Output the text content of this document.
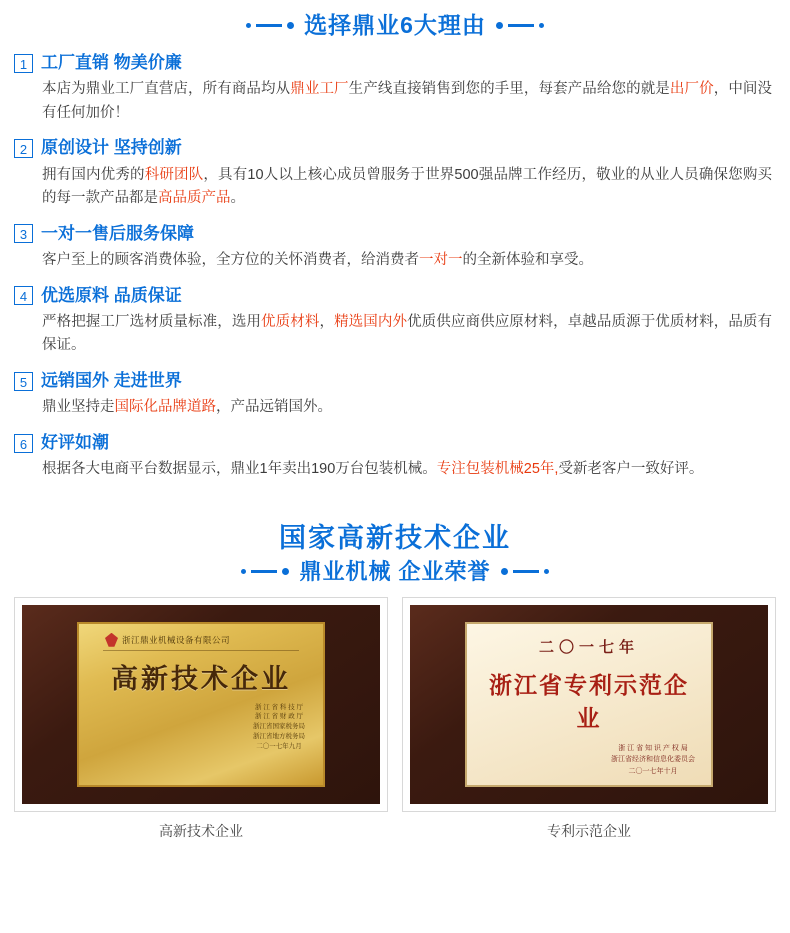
选择鼎业6大理由
1 工厂直销 物美价廉
本店为鼎业工厂直营店，所有商品均从鼎业工厂生产线直接销售到您的手里，每套产品给您的就是出厂价，中间没有任何加价！
2 原创设计 坚持创新
拥有国内优秀的科研团队，具有10人以上核心成员曾服务于世界500强品牌工作经历，敬业的从业人员确保您购买的每一款产品都是高品质产品。
3 一对一售后服务保障
客户至上的顾客消费体验，全方位的关怀消费者，给消费者一对一的全新体验和享受。
4 优选原料 品质保证
严格把握工厂选材质量标准，选用优质材料，精选国内外优质供应商供应原材料，卓越品质源于优质材料，品质有保证。
5 远销国外 走进世界
鼎业坚持走国际化品牌道路，产品远销国外。
6 好评如潮
根据各大电商平台数据显示，鼎业1年卖出190万台包装机械。专注包装机械25年,受新老客户一致好评。
国家高新技术企业
鼎业机械 企业荣誉
浙江鼎业机械设备有限公司
高新技术企业
浙 江 省 科 技 厅
浙 江 省 财 政 厅
浙江省国家税务局
浙江省地方税务局
二〇一七年九月
高新技术企业
二〇一七年
浙江省专利示范企业
浙 江 省 知 识 产 权 局
浙江省经济和信息化委员会
二〇一七年十月
专利示范企业
